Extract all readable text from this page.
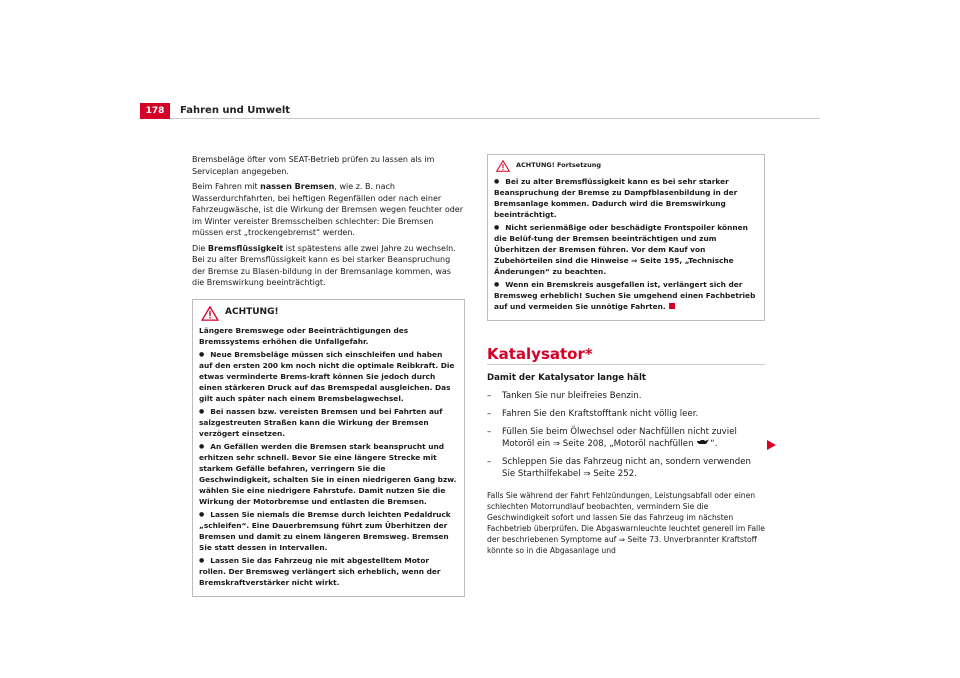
178	Fahren und Umwelt

Bremsbeläge öfter vom SEAT-Betrieb prüfen zu lassen als im Serviceplan angegeben.

Beim Fahren mit nassen Bremsen, wie z. B. nach Wasserdurchfahrten, bei heftigen Regenfällen oder nach einer Fahrzeugwäsche, ist die Wirkung der Bremsen wegen feuchter oder im Winter vereister Bremsscheiben schlechter: Die Bremsen müssen erst „trockengebremst“ werden.

Die Bremsflüssigkeit ist spätestens alle zwei Jahre zu wechseln. Bei zu alter Bremsflüssigkeit kann es bei starker Beanspruchung der Bremse zu Blasen-bildung in der Bremsanlage kommen, was die Bremswirkung beeinträchtigt.

ACHTUNG!

Längere Bremswege oder Beeinträchtigungen des Bremssystems erhöhen die Unfallgefahr.

● Neue Bremsbeläge müssen sich einschleifen und haben auf den ersten 200 km noch nicht die optimale Reibkraft. Die etwas verminderte Brems-kraft können Sie jedoch durch einen stärkeren Druck auf das Bremspedal ausgleichen. Das gilt auch später nach einem Bremsbelagwechsel.

● Bei nassen bzw. vereisten Bremsen und bei Fahrten auf salzgestreuten Straßen kann die Wirkung der Bremsen verzögert einsetzen.

● An Gefällen werden die Bremsen stark beansprucht und erhitzen sehr schnell. Bevor Sie eine längere Strecke mit starkem Gefälle befahren, verringern Sie die Geschwindigkeit, schalten Sie in einen niedrigeren Gang bzw. wählen Sie eine niedrigere Fahrstufe. Damit nutzen Sie die Wirkung der Motorbremse und entlasten die Bremsen.

● Lassen Sie niemals die Bremse durch leichten Pedaldruck „schleifen“. Eine Dauerbremsung führt zum Überhitzen der Bremsen und damit zu einem längeren Bremsweg. Bremsen Sie statt dessen in Intervallen.

● Lassen Sie das Fahrzeug nie mit abgestelltem Motor rollen. Der Bremsweg verlängert sich erheblich, wenn der Bremskraftverstärker nicht wirkt.

ACHTUNG! Fortsetzung

● Bei zu alter Bremsflüssigkeit kann es bei sehr starker Beanspruchung der Bremse zu Dampfblasenbildung in der Bremsanlage kommen. Dadurch wird die Bremswirkung beeinträchtigt.

● Nicht serienmäßige oder beschädigte Frontspoiler können die Belüf-tung der Bremsen beeinträchtigen und zum Überhitzen der Bremsen führen. Vor dem Kauf von Zubehörteilen sind die Hinweise ⇒ Seite 195, „Technische Änderungen“ zu beachten.

● Wenn ein Bremskreis ausgefallen ist, verlängert sich der Bremsweg erheblich! Suchen Sie umgehend einen Fachbetrieb auf und vermeiden Sie unnötige Fahrten.

Katalysator*
Damit der Katalysator lange hält
– Tanken Sie nur bleifreies Benzin.
– Fahren Sie den Kraftstofftank nicht völlig leer.
– Füllen Sie beim Ölwechsel oder Nachfüllen nicht zuviel Motoröl ein ⇒ Seite 208, „Motoröl nachfüllen “.
– Schleppen Sie das Fahrzeug nicht an, sondern verwenden Sie Starthilfekabel ⇒ Seite 252.
Falls Sie während der Fahrt Fehlzündungen, Leistungsabfall oder einen schlechten Motorrundlauf beobachten, vermindern Sie die Geschwindigkeit sofort und lassen Sie das Fahrzeug im nächsten Fachbetrieb überprüfen. Die Abgaswarnleuchte leuchtet generell im Falle der beschriebenen Symptome auf ⇒ Seite 73. Unverbrannter Kraftstoff könnte so in die Abgasanlage und
